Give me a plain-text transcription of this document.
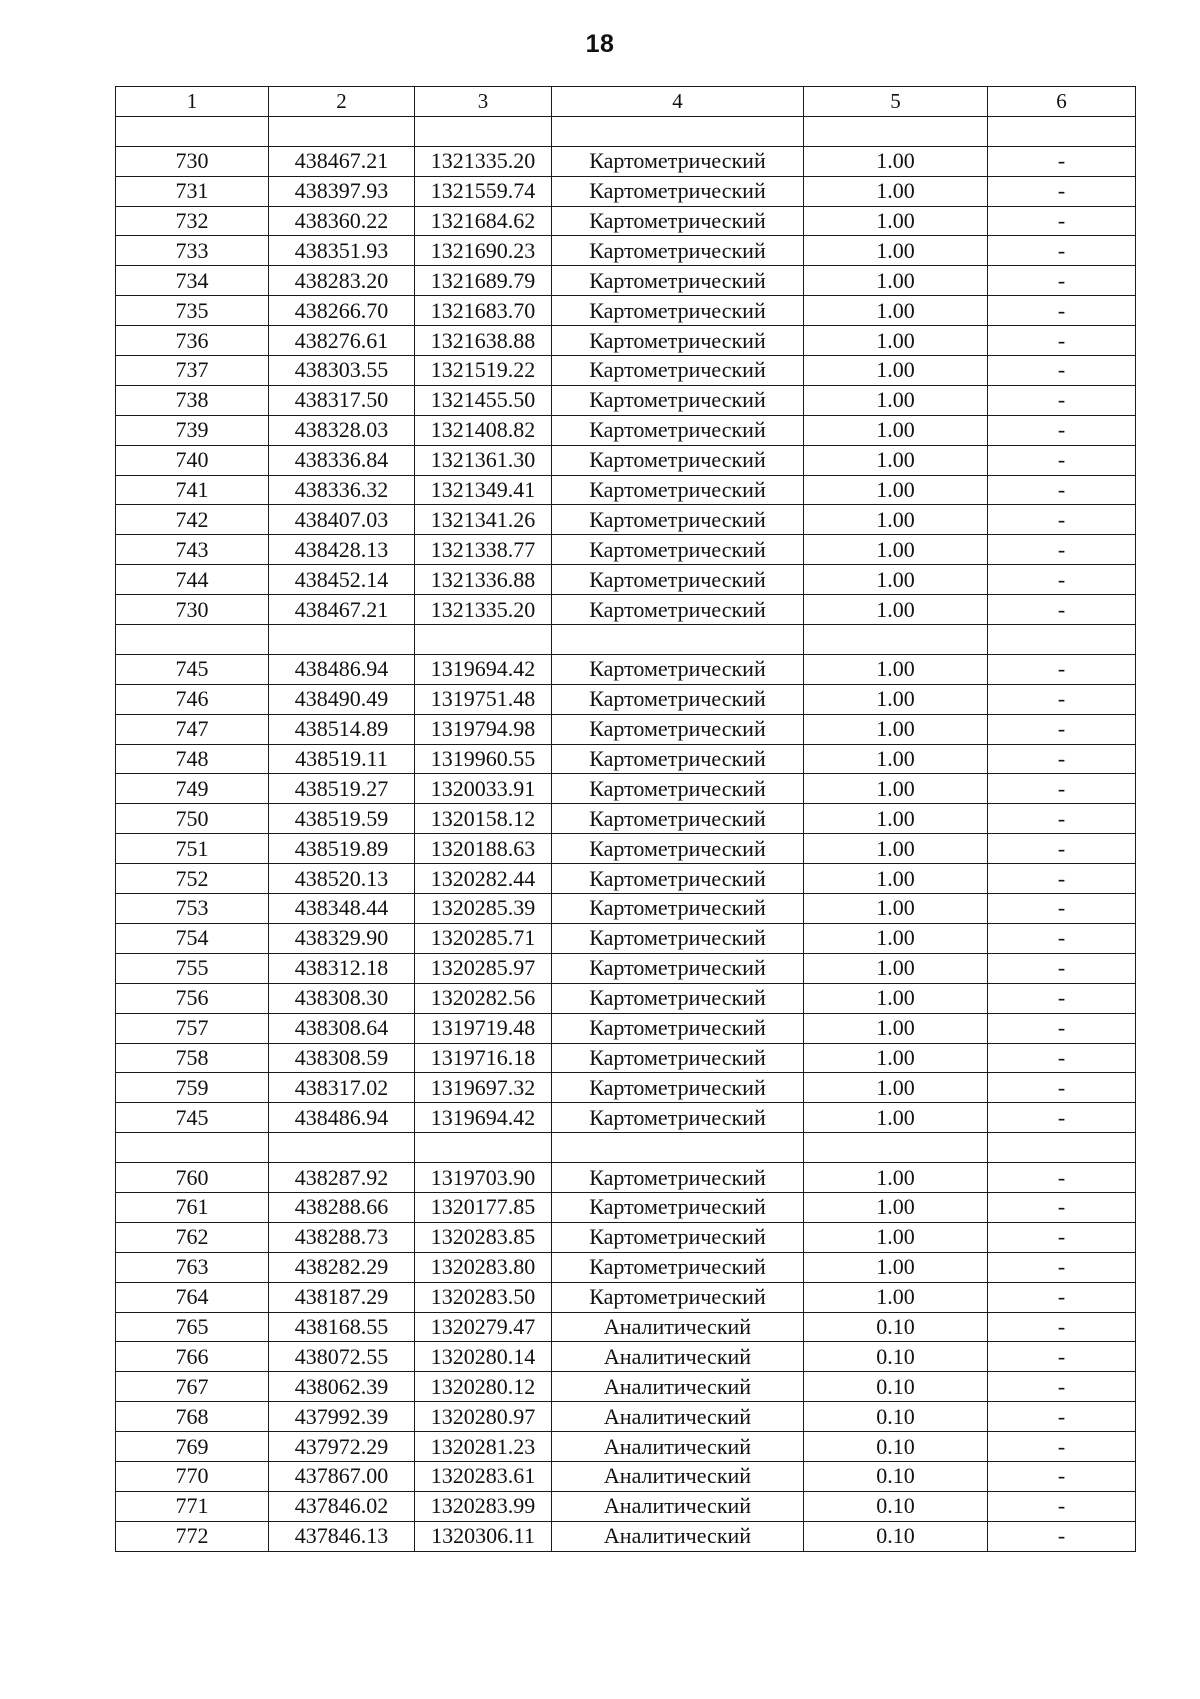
18
1	2	3	4	5	6

730	438467.21	1321335.20	Картометрический	1.00	-
731	438397.93	1321559.74	Картометрический	1.00	-
732	438360.22	1321684.62	Картометрический	1.00	-
733	438351.93	1321690.23	Картометрический	1.00	-
734	438283.20	1321689.79	Картометрический	1.00	-
735	438266.70	1321683.70	Картометрический	1.00	-
736	438276.61	1321638.88	Картометрический	1.00	-
737	438303.55	1321519.22	Картометрический	1.00	-
738	438317.50	1321455.50	Картометрический	1.00	-
739	438328.03	1321408.82	Картометрический	1.00	-
740	438336.84	1321361.30	Картометрический	1.00	-
741	438336.32	1321349.41	Картометрический	1.00	-
742	438407.03	1321341.26	Картометрический	1.00	-
743	438428.13	1321338.77	Картометрический	1.00	-
744	438452.14	1321336.88	Картометрический	1.00	-
730	438467.21	1321335.20	Картометрический	1.00	-

745	438486.94	1319694.42	Картометрический	1.00	-
746	438490.49	1319751.48	Картометрический	1.00	-
747	438514.89	1319794.98	Картометрический	1.00	-
748	438519.11	1319960.55	Картометрический	1.00	-
749	438519.27	1320033.91	Картометрический	1.00	-
750	438519.59	1320158.12	Картометрический	1.00	-
751	438519.89	1320188.63	Картометрический	1.00	-
752	438520.13	1320282.44	Картометрический	1.00	-
753	438348.44	1320285.39	Картометрический	1.00	-
754	438329.90	1320285.71	Картометрический	1.00	-
755	438312.18	1320285.97	Картометрический	1.00	-
756	438308.30	1320282.56	Картометрический	1.00	-
757	438308.64	1319719.48	Картометрический	1.00	-
758	438308.59	1319716.18	Картометрический	1.00	-
759	438317.02	1319697.32	Картометрический	1.00	-
745	438486.94	1319694.42	Картометрический	1.00	-

760	438287.92	1319703.90	Картометрический	1.00	-
761	438288.66	1320177.85	Картометрический	1.00	-
762	438288.73	1320283.85	Картометрический	1.00	-
763	438282.29	1320283.80	Картометрический	1.00	-
764	438187.29	1320283.50	Картометрический	1.00	-
765	438168.55	1320279.47	Аналитический	0.10	-
766	438072.55	1320280.14	Аналитический	0.10	-
767	438062.39	1320280.12	Аналитический	0.10	-
768	437992.39	1320280.97	Аналитический	0.10	-
769	437972.29	1320281.23	Аналитический	0.10	-
770	437867.00	1320283.61	Аналитический	0.10	-
771	437846.02	1320283.99	Аналитический	0.10	-
772	437846.13	1320306.11	Аналитический	0.10	-
